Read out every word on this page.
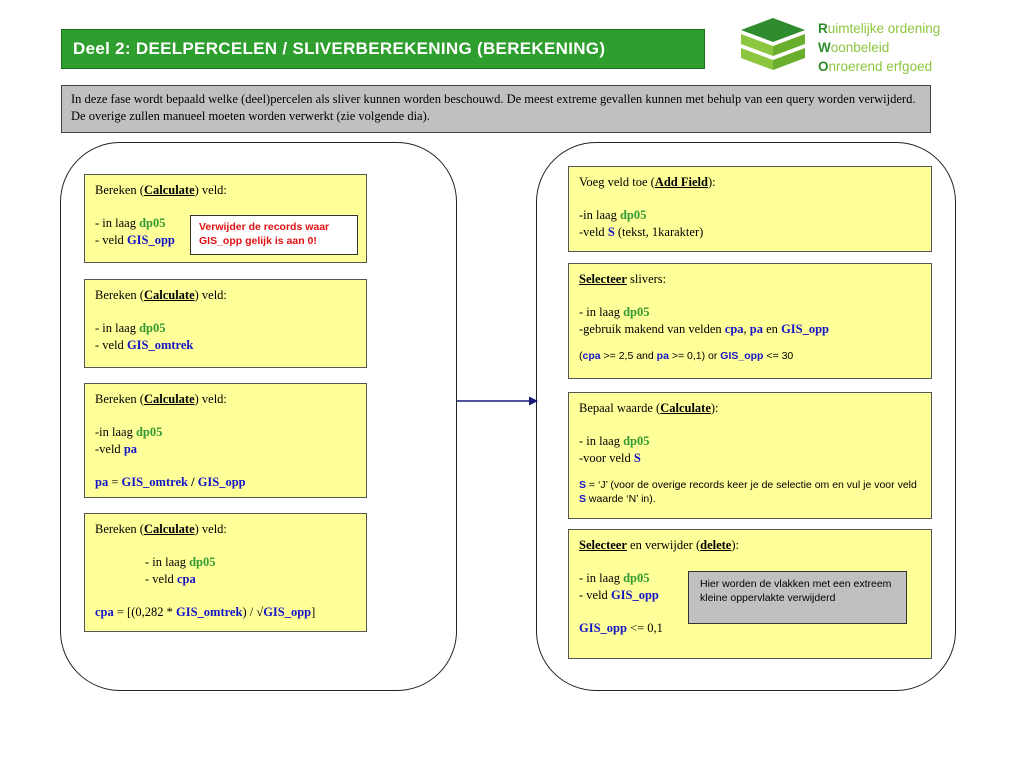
Deel 2: DEELPERCELEN / SLIVERBEREKENING (BEREKENING)
Ruimtelijke ordening
Woonbeleid
Onroerend erfgoed
In deze fase wordt bepaald welke (deel)percelen als sliver kunnen worden beschouwd. De meest extreme gevallen kunnen met behulp van een query worden verwijderd. De overige zullen manueel moeten worden verwerkt (zie volgende dia).

Bereken (Calculate) veld:

- in laag dp05

- veld GIS_opp

Verwijder de records waar GIS_opp gelijk is aan 0!

Bereken (Calculate) veld:

- in laag dp05

- veld GIS_omtrek

Bereken (Calculate) veld:

-in laag dp05

-veld pa

pa = GIS_omtrek / GIS_opp

Bereken (Calculate) veld:

- in laag dp05

- veld cpa

cpa = [(0,282 * GIS_omtrek) / √GIS_opp]

Voeg veld toe (Add Field):

-in laag dp05

-veld S (tekst, 1karakter)

Selecteer slivers:

- in laag dp05

-gebruik makend van velden cpa, pa en GIS_opp

(cpa >= 2,5 and pa >= 0,1) or GIS_opp <= 30

Bepaal waarde (Calculate):

- in laag dp05

-voor veld S

S = ‘J’ (voor de overige records keer je de selectie om en vul je voor veld S waarde ‘N’ in).

Selecteer en verwijder (delete):

- in laag dp05

- veld GIS_opp

GIS_opp <= 0,1

Hier worden de vlakken met een extreem kleine oppervlakte verwijderd
